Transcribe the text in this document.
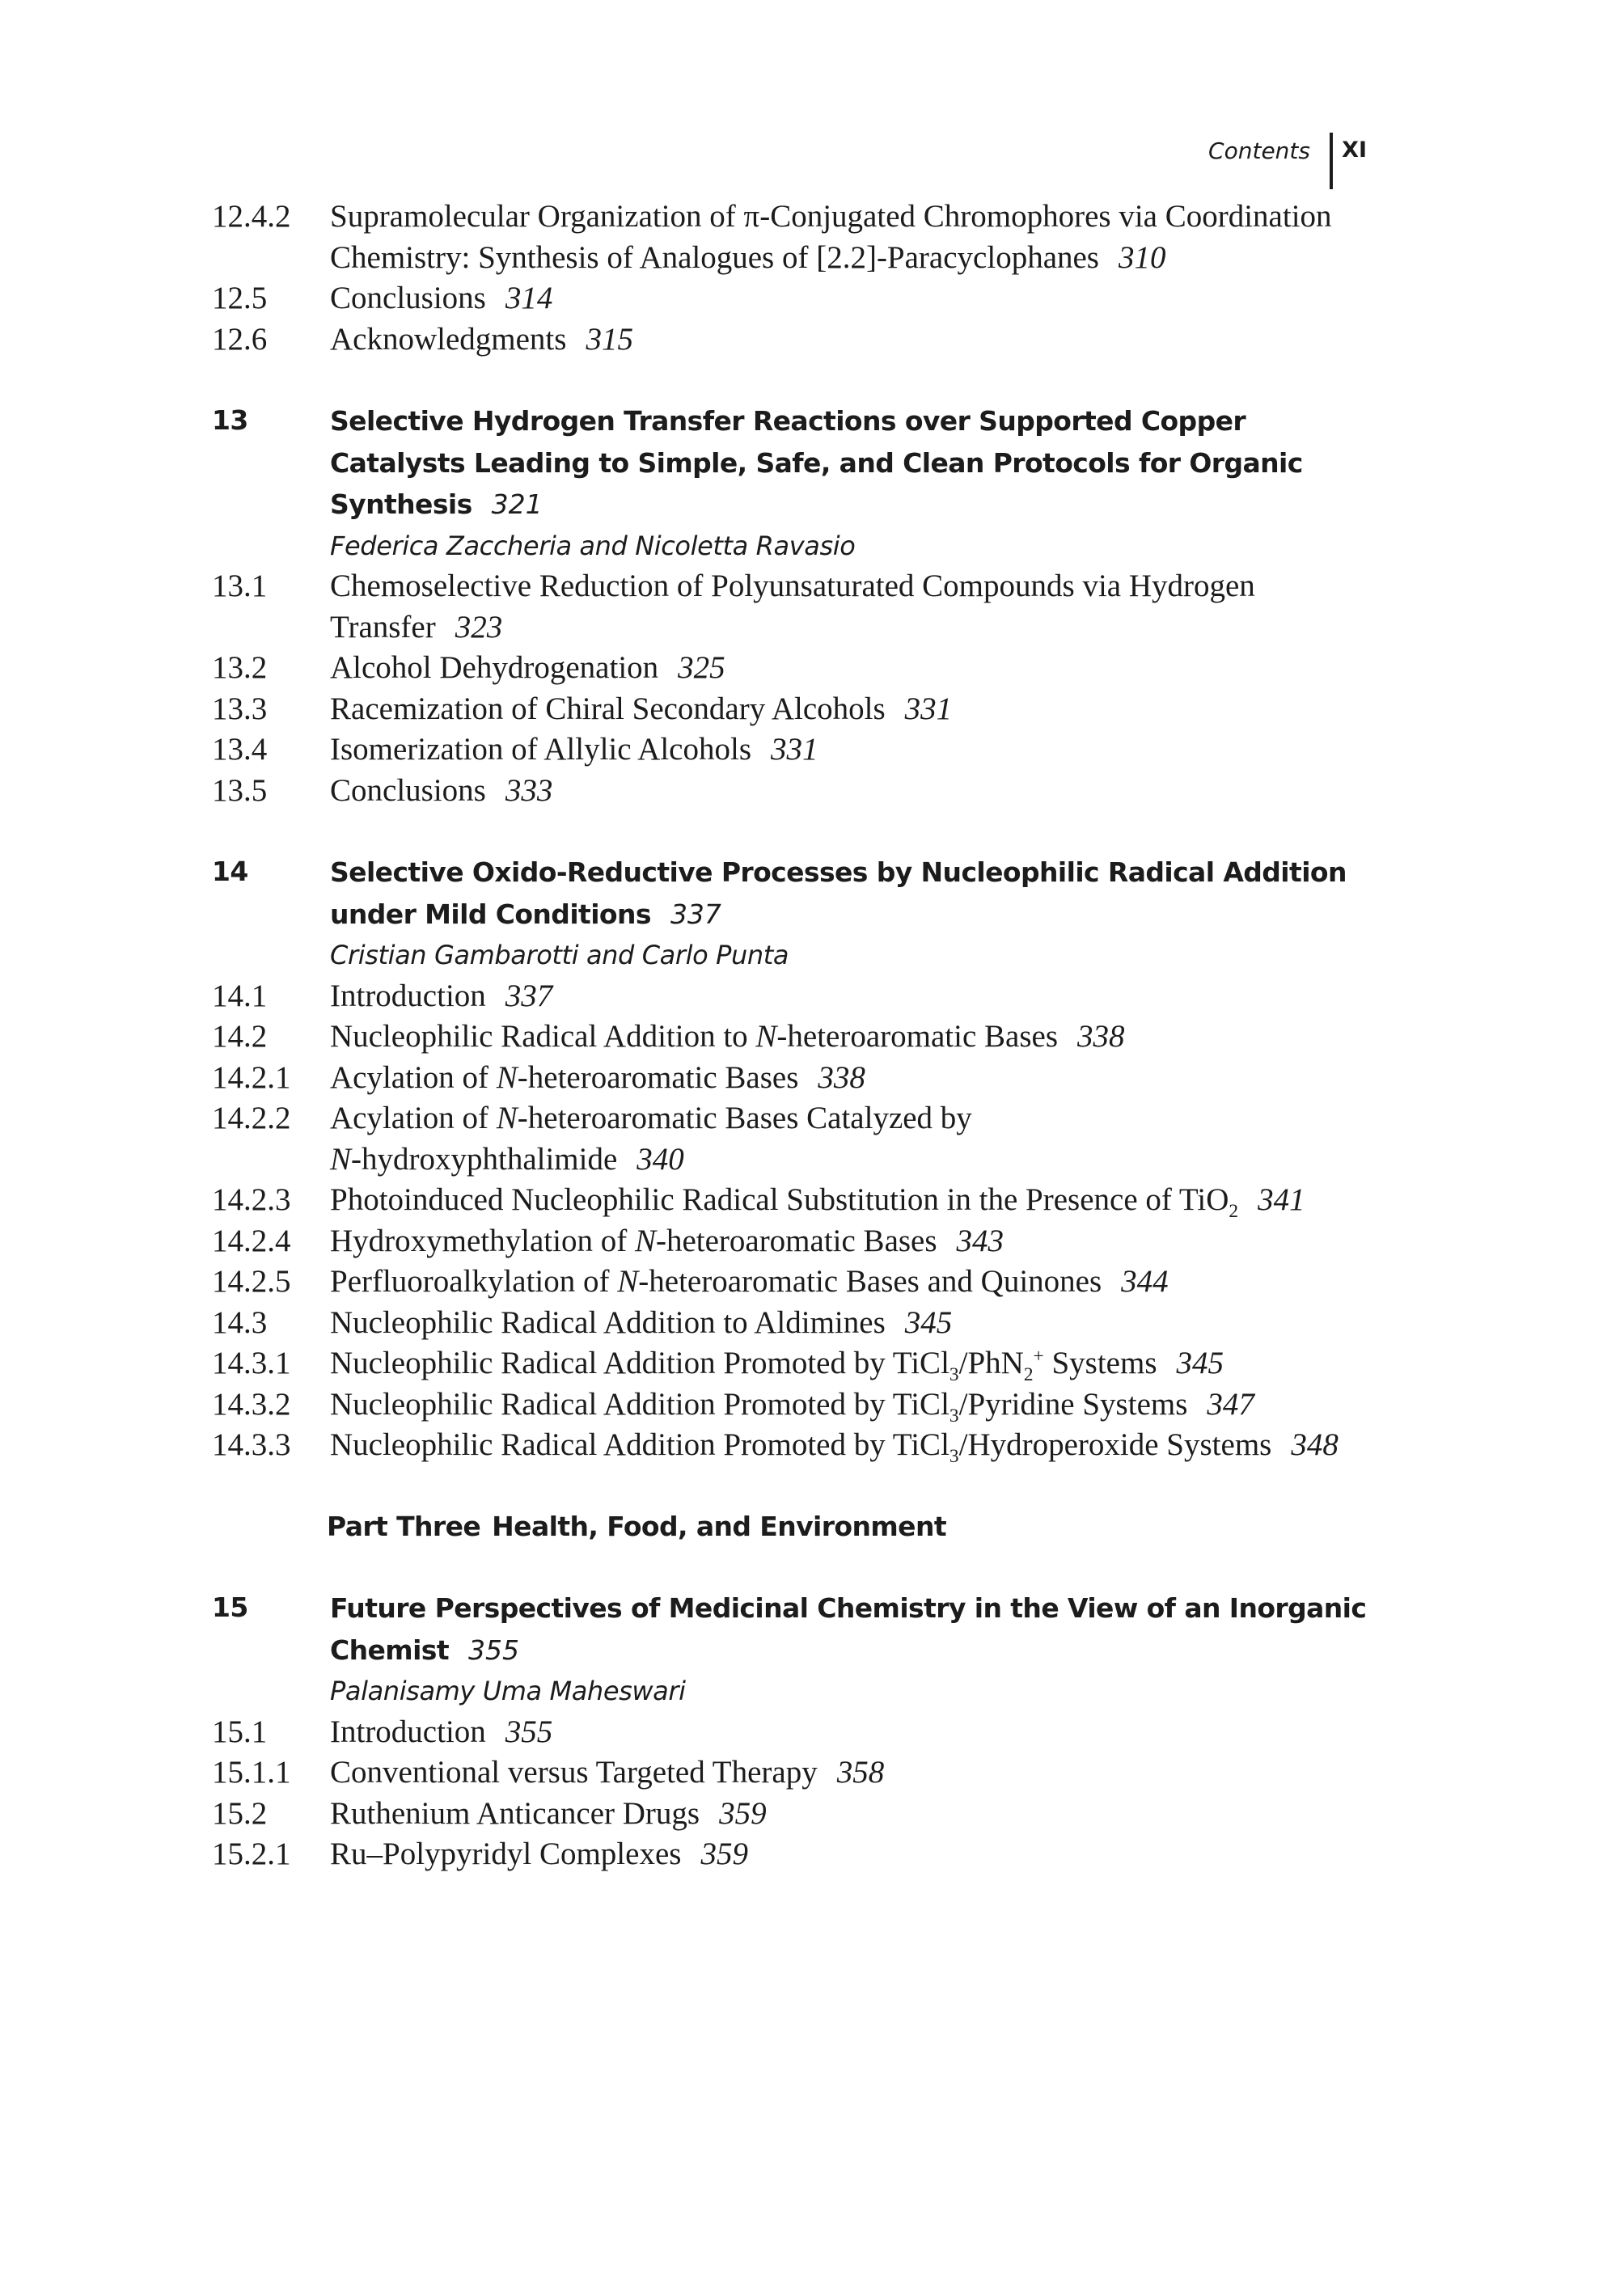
Contents XI
12.4.2	Supramolecular Organization of π-Conjugated Chromophores via Coordination Chemistry: Synthesis of Analogues of [2.2]-Paracyclophanes 310
12.5	Conclusions 314
12.6	Acknowledgments 315
13	Selective Hydrogen Transfer Reactions over Supported Copper Catalysts Leading to Simple, Safe, and Clean Protocols for Organic Synthesis 321
Federica Zaccheria and Nicoletta Ravasio
13.1	Chemoselective Reduction of Polyunsaturated Compounds via Hydrogen Transfer 323
13.2	Alcohol Dehydrogenation 325
13.3	Racemization of Chiral Secondary Alcohols 331
13.4	Isomerization of Allylic Alcohols 331
13.5	Conclusions 333
14	Selective Oxido-Reductive Processes by Nucleophilic Radical Addition under Mild Conditions 337
Cristian Gambarotti and Carlo Punta
14.1	Introduction 337
14.2	Nucleophilic Radical Addition to N-heteroaromatic Bases 338
14.2.1	Acylation of N-heteroaromatic Bases 338
14.2.2	Acylation of N-heteroaromatic Bases Catalyzed by
N-hydroxyphthalimide 340
14.2.3	Photoinduced Nucleophilic Radical Substitution in the Presence of TiO$_2$ 341
14.2.4	Hydroxymethylation of N-heteroaromatic Bases 343
14.2.5	Perfluoroalkylation of N-heteroaromatic Bases and Quinones 344
14.3	Nucleophilic Radical Addition to Aldimines 345
14.3.1	Nucleophilic Radical Addition Promoted by TiCl$_3$/PhN$_2$+ Systems 345
14.3.2	Nucleophilic Radical Addition Promoted by TiCl$_3$/Pyridine Systems 347
14.3.3	Nucleophilic Radical Addition Promoted by TiCl$_3$/Hydroperoxide Systems 348
Part Three Health, Food, and Environment
15	Future Perspectives of Medicinal Chemistry in the View of an Inorganic Chemist 355
Palanisamy Uma Maheswari
15.1	Introduction 355
15.1.1	Conventional versus Targeted Therapy 358
15.2	Ruthenium Anticancer Drugs 359
15.2.1	Ru–Polypyridyl Complexes 359
